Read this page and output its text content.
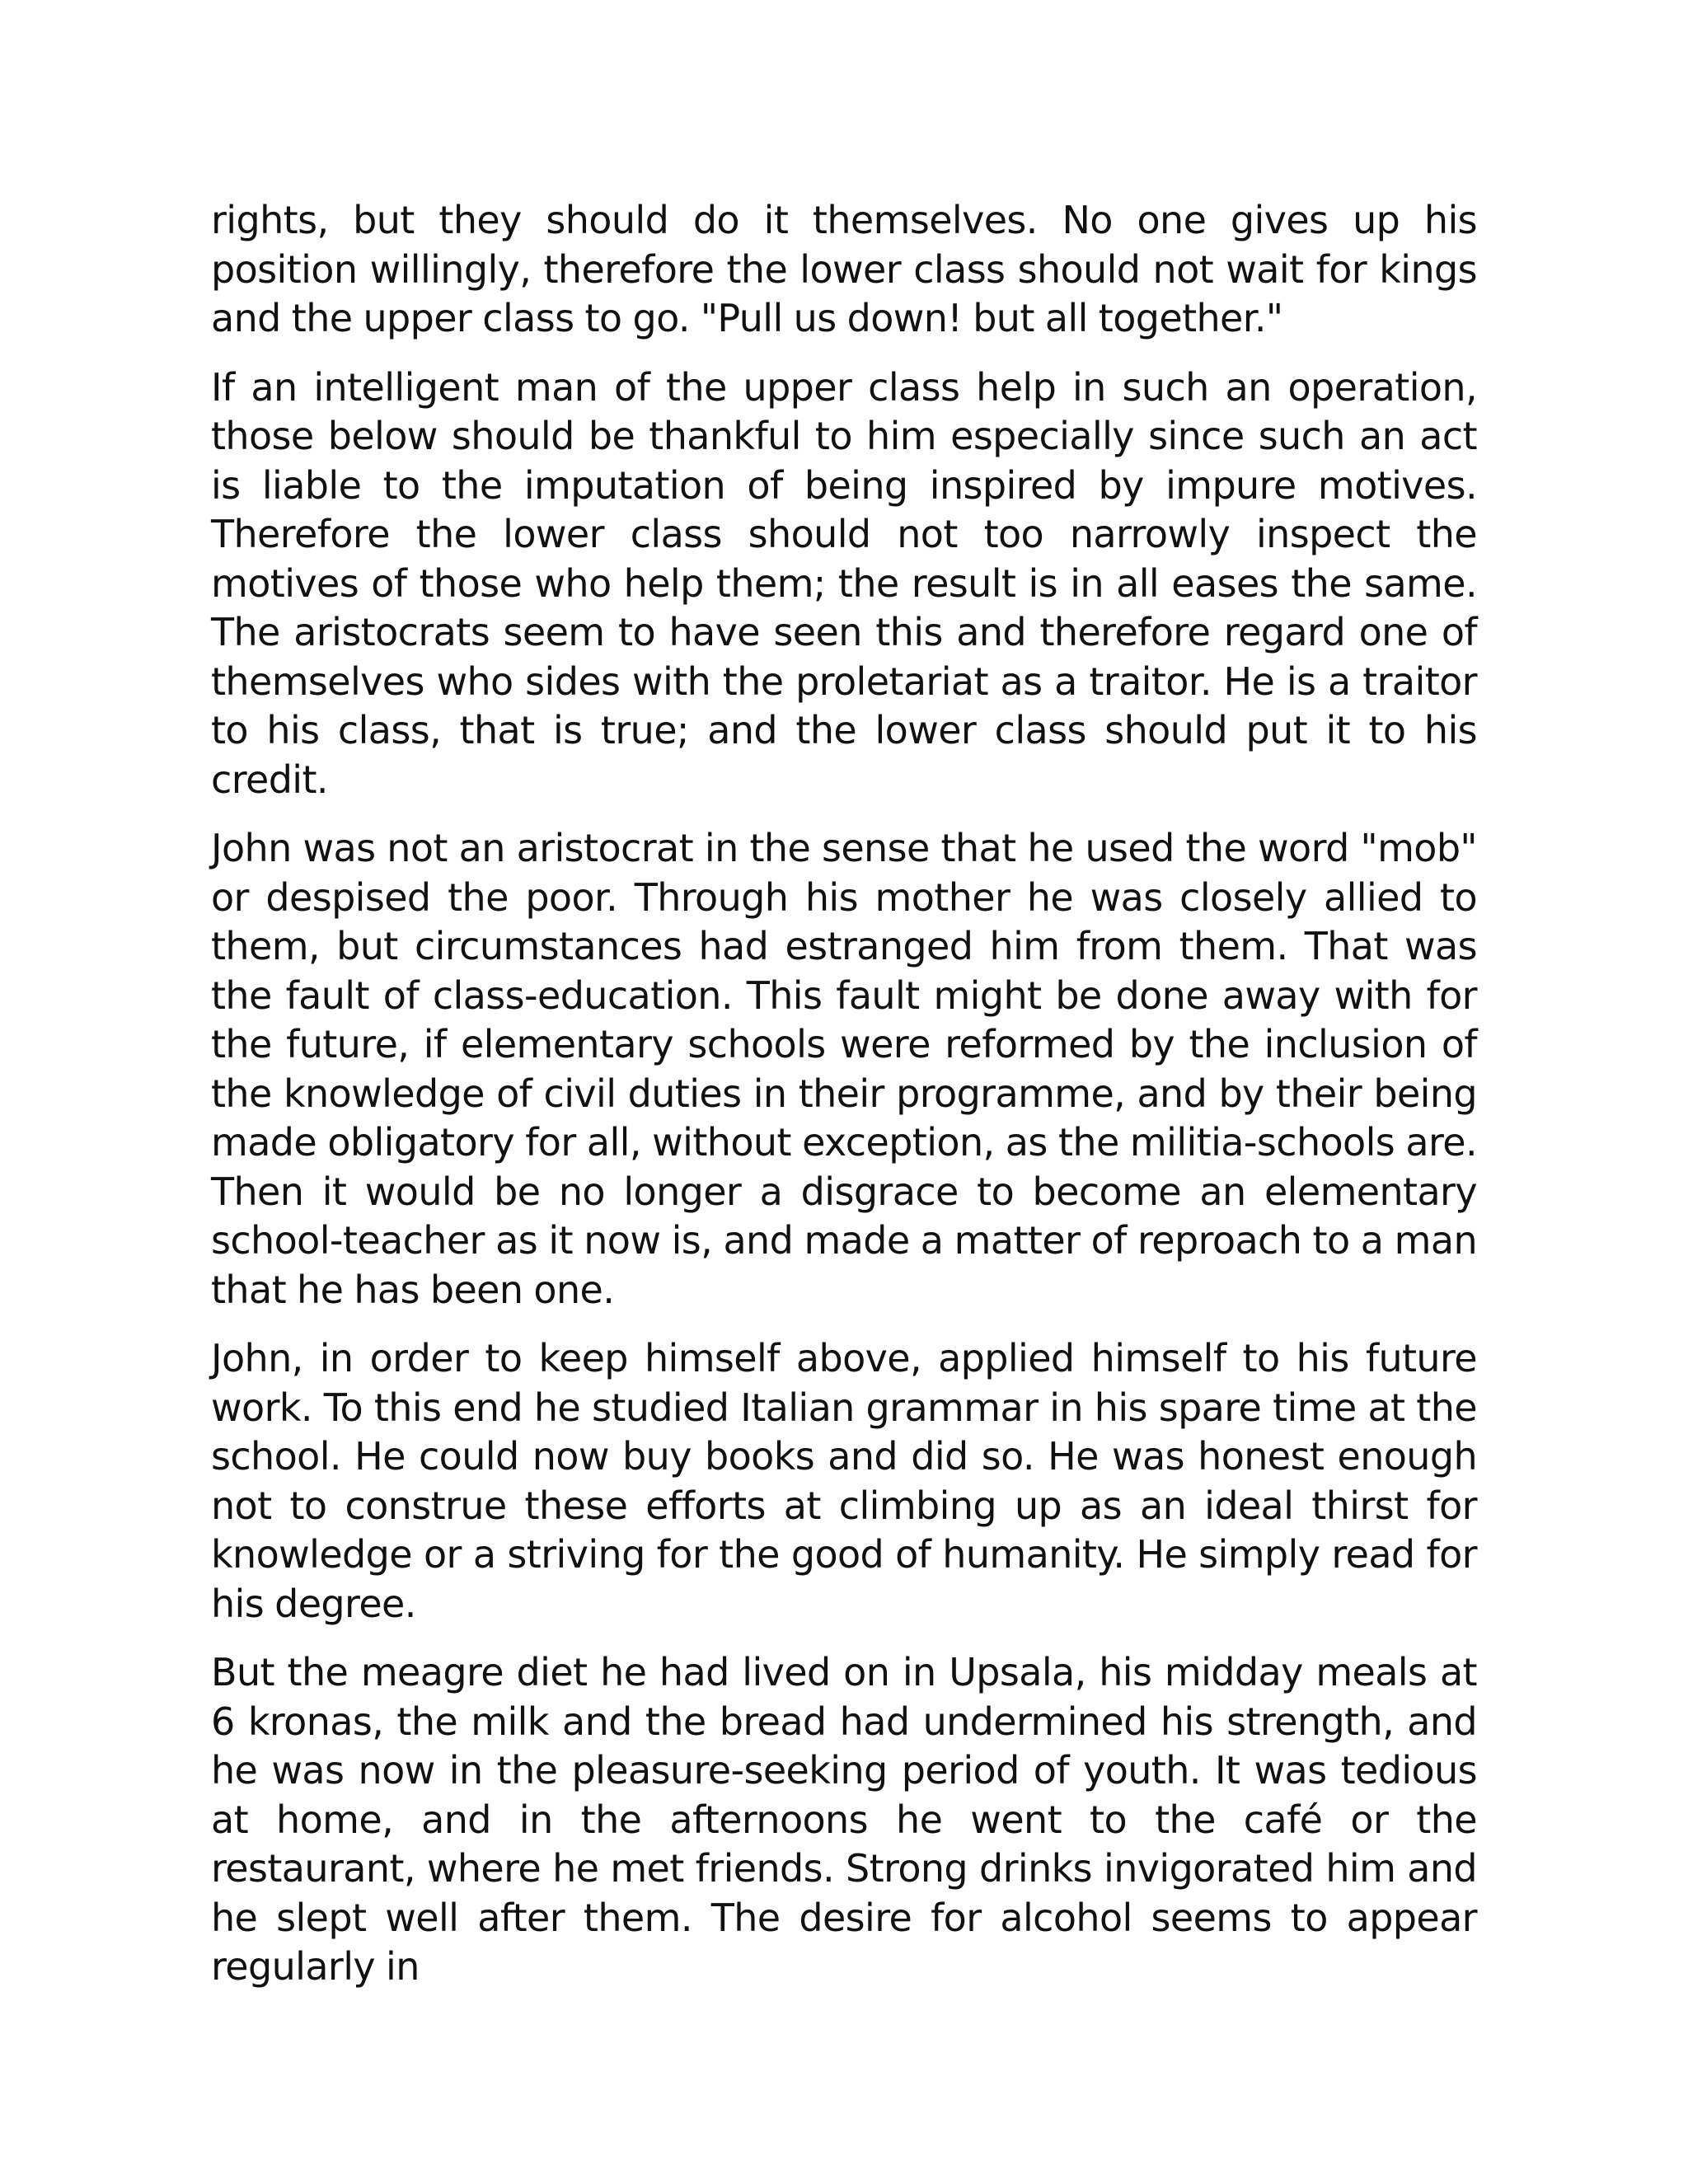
rights, but they should do it themselves. No one gives up his position willingly, therefore the lower class should not wait for kings and the upper class to go. "Pull us down! but all together."

If an intelligent man of the upper class help in such an operation, those below should be thankful to him especially since such an act is liable to the imputation of being inspired by impure motives. Therefore the lower class should not too narrowly inspect the motives of those who help them; the result is in all eases the same. The aristocrats seem to have seen this and therefore regard one of themselves who sides with the proletariat as a traitor. He is a traitor to his class, that is true; and the lower class should put it to his credit.

John was not an aristocrat in the sense that he used the word "mob" or despised the poor. Through his mother he was closely allied to them, but circumstances had estranged him from them. That was the fault of class-education. This fault might be done away with for the future, if elementary schools were reformed by the inclusion of the knowledge of civil duties in their programme, and by their being made obligatory for all, without exception, as the militia-schools are. Then it would be no longer a disgrace to become an elementary school-teacher as it now is, and made a matter of reproach to a man that he has been one.

John, in order to keep himself above, applied himself to his future work. To this end he studied Italian grammar in his spare time at the school. He could now buy books and did so. He was honest enough not to construe these efforts at climbing up as an ideal thirst for knowledge or a striving for the good of humanity. He simply read for his degree.

But the meagre diet he had lived on in Upsala, his midday meals at 6 kronas, the milk and the bread had undermined his strength, and he was now in the pleasure-seeking period of youth. It was tedious at home, and in the afternoons he went to the café or the restaurant, where he met friends. Strong drinks invigorated him and he slept well after them. The desire for alcohol seems to appear regularly in
